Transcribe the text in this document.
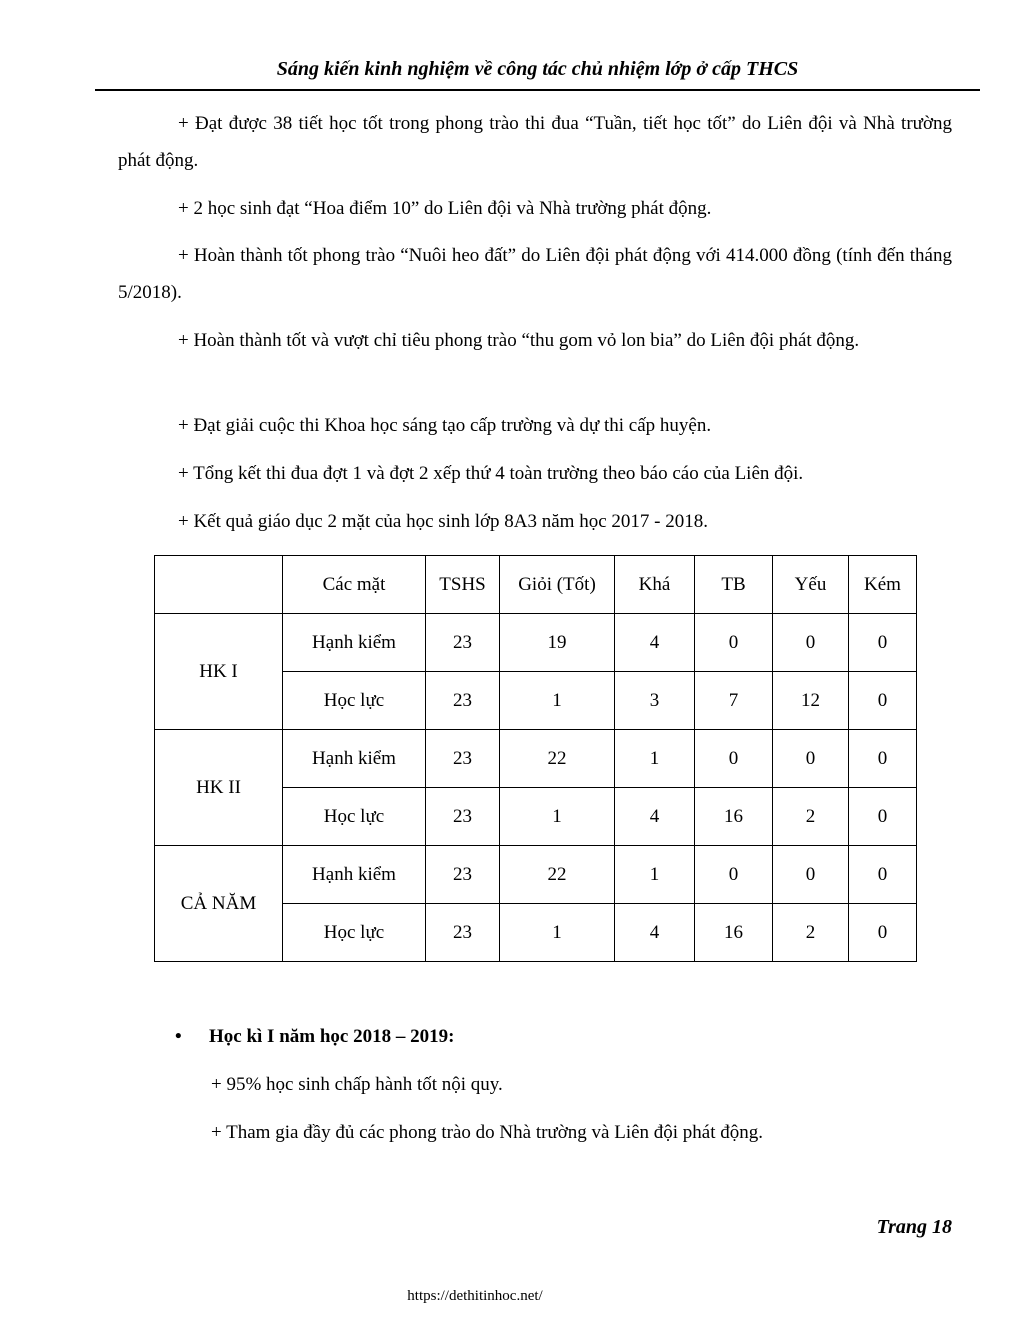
Sáng kiến kinh nghiệm về công tác chủ nhiệm lớp ở cấp THCS

+ Đạt được 38 tiết học tốt trong phong trào thi đua “Tuần, tiết học tốt” do Liên đội và Nhà trường phát động.

+ 2 học sinh đạt “Hoa điểm 10” do Liên đội và Nhà trường phát động.

+ Hoàn thành tốt phong trào “Nuôi heo đất” do Liên đội phát động với 414.000 đồng (tính đến tháng 5/2018).

+ Hoàn thành tốt và vượt chỉ tiêu phong trào “thu gom vỏ lon bia” do Liên đội phát động.

+ Đạt giải cuộc thi Khoa học sáng tạo cấp trường và dự thi cấp huyện.

+ Tổng kết thi đua đợt 1 và đợt 2 xếp thứ 4 toàn trường theo báo cáo của Liên đội.

+ Kết quả giáo dục 2 mặt của học sinh lớp 8A3 năm học 2017 - 2018.

	Các mặt	TSHS	Giỏi (Tốt)	Khá	TB	Yếu	Kém
HK I	Hạnh kiểm	23	19	4	0	0	0
	Học lực	23	1	3	7	12	0
HK II	Hạnh kiểm	23	22	1	0	0	0
	Học lực	23	1	4	16	2	0
CẢ NĂM	Hạnh kiểm	23	22	1	0	0	0
	Học lực	23	1	4	16	2	0

• Học kì I năm học 2018 – 2019:

+ 95% học sinh chấp hành tốt nội quy.

+ Tham gia đầy đủ các phong trào do Nhà trường và Liên đội phát động.

Trang 18
https://dethitinhoc.net/
